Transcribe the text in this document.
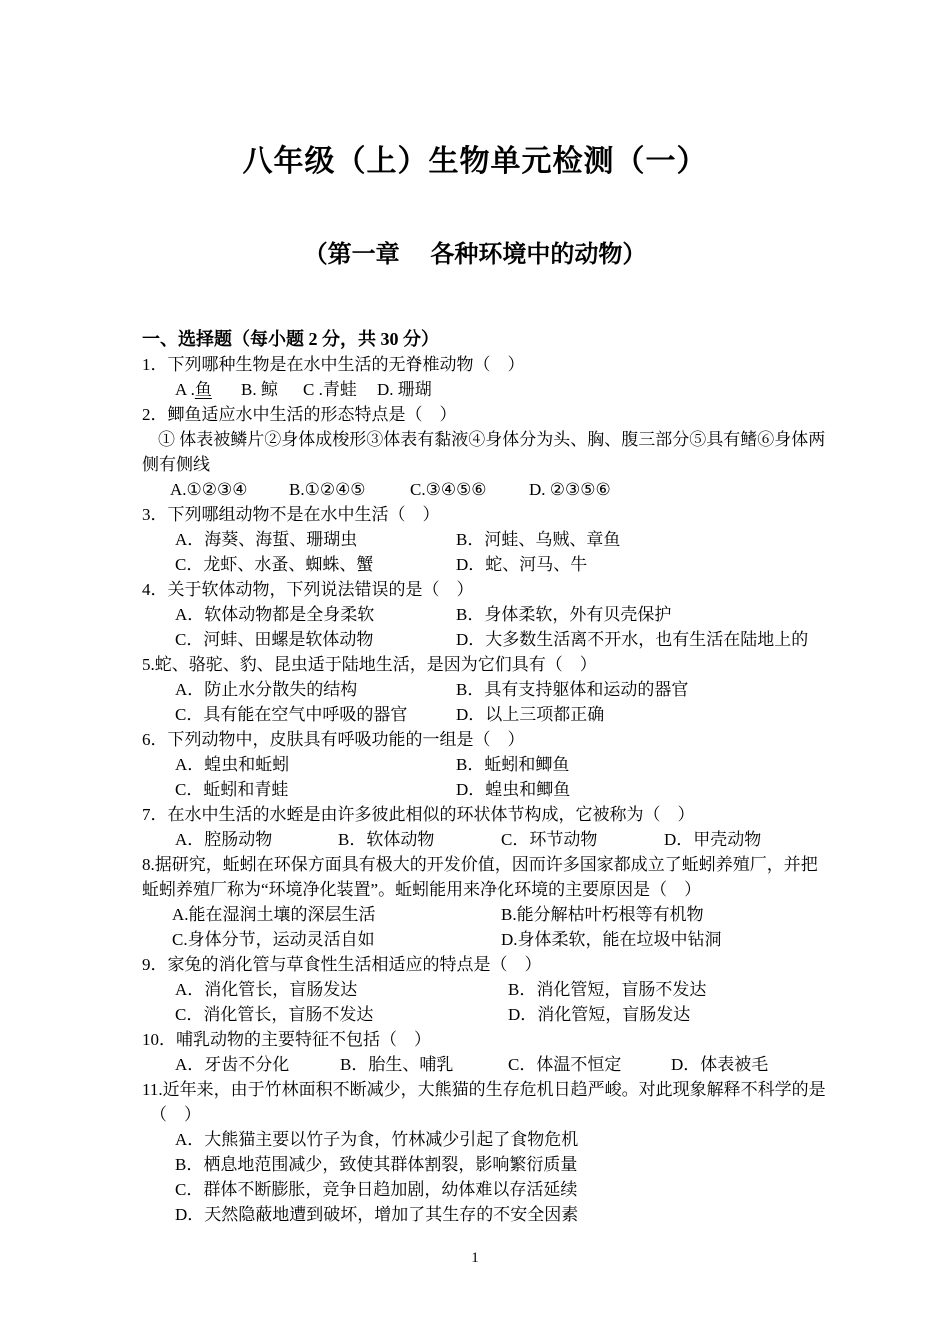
八年级（上）生物单元检测（一）
（第一章　 各种环境中的动物）
一、选择题（每小题 2 分，共 30 分）
1．下列哪种生物是在水中生活的无脊椎动物（　）
A .鱼 B. 鲸 C .青蛙 D. 珊瑚
2．鲫鱼适应水中生活的形态特点是（　）
① 体表被鳞片②身体成梭形③体表有黏液④身体分为头、胸、腹三部分⑤具有鳍⑥身体两
侧有侧线
A.①②③④ B.①②④⑤	C.③④⑤⑥ D. ②③⑤⑥
3．下列哪组动物不是在水中生活（　）
A．海葵、海蜇、珊瑚虫	B．河蛙、乌贼、章鱼
C．龙虾、水蚤、蜘蛛、蟹	D．蛇、河马、牛
4．关于软体动物，下列说法错误的是（　）
A．软体动物都是全身柔软	B．身体柔软，外有贝壳保护
C．河蚌、田螺是软体动物	D．大多数生活离不开水，也有生活在陆地上的
5.蛇、骆驼、豹、昆虫适于陆地生活，是因为它们具有（　）
A．防止水分散失的结构	B．具有支持躯体和运动的器官
C．具有能在空气中呼吸的器官	D．以上三项都正确
6．下列动物中，皮肤具有呼吸功能的一组是（　）
A．蝗虫和蚯蚓	B．蚯蚓和鲫鱼
C．蚯蚓和青蛙	D．蝗虫和鲫鱼
7．在水中生活的水蛭是由许多彼此相似的环状体节构成，它被称为（　）
A．腔肠动物	B．软体动物	C．环节动物	D．甲壳动物
8.据研究，蚯蚓在环保方面具有极大的开发价值，因而许多国家都成立了蚯蚓养殖厂，并把
蚯蚓养殖厂称为“环境净化装置”。蚯蚓能用来净化环境的主要原因是（　）
A.能在湿润土壤的深层生活	B.能分解枯叶朽根等有机物
C.身体分节，运动灵活自如	D.身体柔软，能在垃圾中钻洞
9．家兔的消化管与草食性生活相适应的特点是（　）
A．消化管长，盲肠发达	B．消化管短，盲肠不发达
C．消化管长，盲肠不发达	D．消化管短，盲肠发达
10．哺乳动物的主要特征不包括（　）
A．牙齿不分化	B．胎生、哺乳	C．体温不恒定	D．体表被毛
11.近年来，由于竹林面积不断减少，大熊猫的生存危机日趋严峻。对此现象解释不科学的是
（　）
A．大熊猫主要以竹子为食，竹林减少引起了食物危机
B．栖息地范围减少，致使其群体割裂，影响繁衍质量
C．群体不断膨胀，竞争日趋加剧，幼体难以存活延续
D．天然隐蔽地遭到破坏，增加了其生存的不安全因素
1
